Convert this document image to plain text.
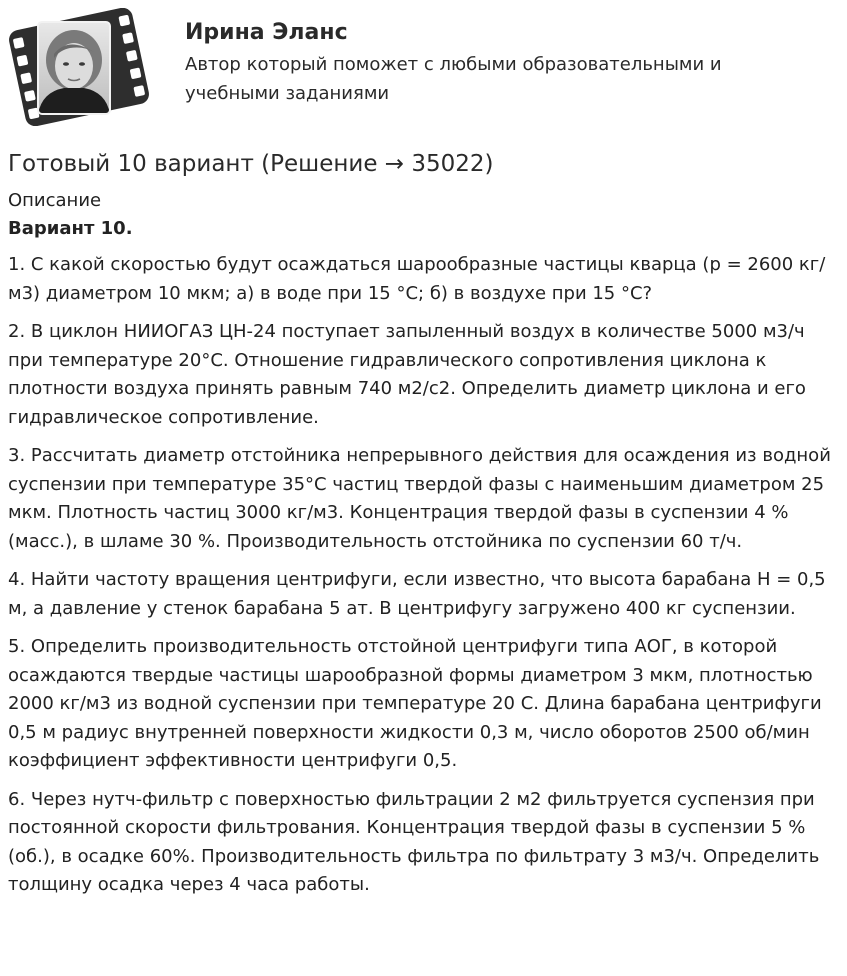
Ирина Эланс
Автор который поможет с любыми образовательными и учебными заданиями
Готовый 10 вариант (Решение → 35022)

Описание

Вариант 10.

1. С какой скоростью будут осаждаться шарообразные частицы кварца (р = 2600 кг/м3) диаметром 10 мкм; а) в воде при 15 °С; б) в воздухе при 15 °С?

2. В циклон НИИОГАЗ ЦН-24 поступает запыленный воздух в количестве 5000 м3/ч при температуре 20°С. Отношение гидравлического сопротивления циклона к плотности воздуха принять равным 740 м2/с2. Определить диаметр циклона и его гидравлическое сопротивление.

3. Рассчитать диаметр отстойника непрерывного действия для осаждения из водной суспензии при температуре 35°С частиц твердой фазы с наименьшим диаметром 25 мкм. Плотность частиц 3000 кг/м3. Концентрация твердой фазы в суспензии 4 % (масс.), в шламе 30 %. Производительность отстойника по суспензии 60 т/ч.

4. Найти частоту вращения центрифуги, если известно, что высота барабана Н = 0,5 м, а давление у стенок барабана 5 ат. В центрифугу загружено 400 кг суспензии.

5. Определить производительность отстойной центрифуги типа АОГ, в которой осаждаются твердые частицы шарообразной формы диаметром 3 мкм, плотностью 2000 кг/м3 из водной суспензии при температуре 20 С. Длина барабана центрифуги 0,5 м радиус внутренней поверхности жидкости 0,3 м, число оборотов 2500 об/мин коэффициент эффективности центрифуги 0,5.

6. Через нутч-фильтр с поверхностью фильтрации 2 м2 фильтруется суспензия при постоянной скорости фильтрования. Концентрация твердой фазы в суспензии 5 % (об.), в осадке 60%. Производительность фильтра по фильтрату 3 м3/ч. Определить толщину осадка через 4 часа работы.
